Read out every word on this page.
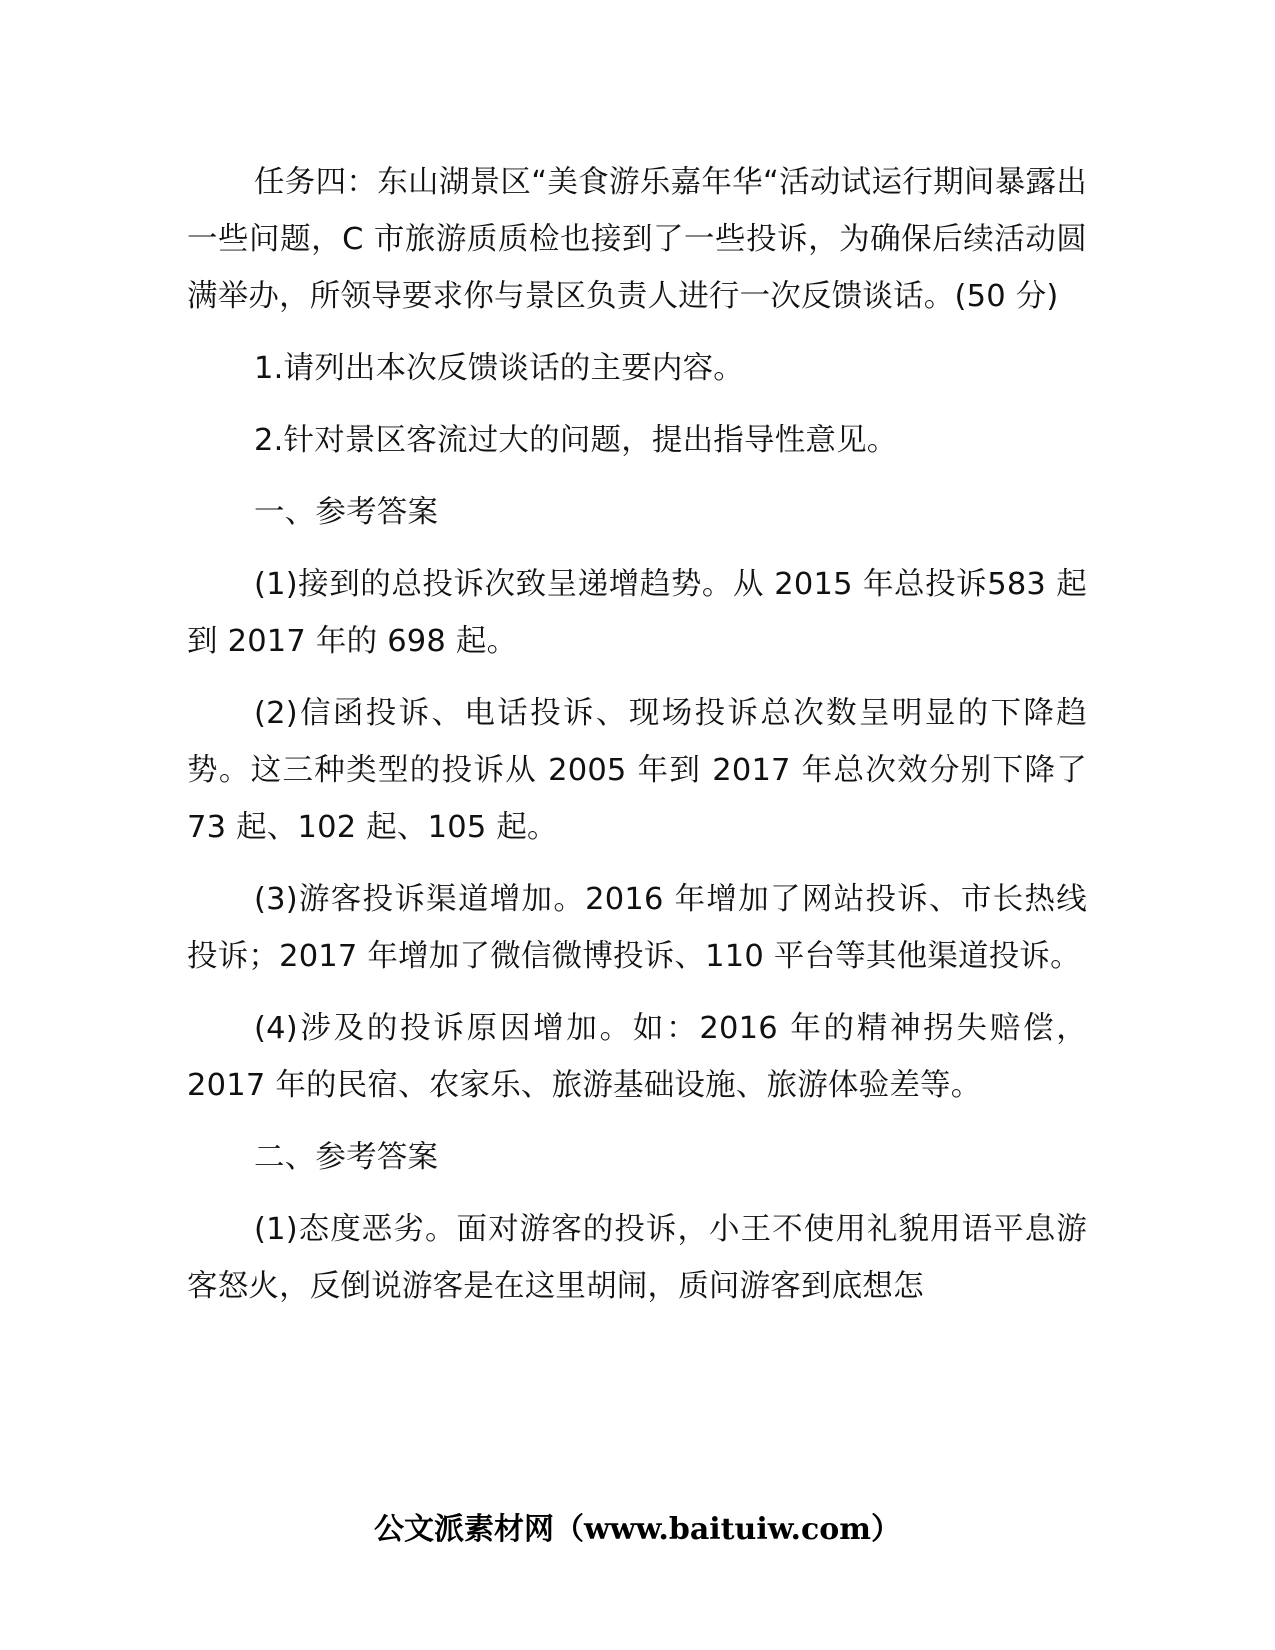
任务四：东山湖景区“美食游乐嘉年华“活动试运行期间暴露出一些问题，C 市旅游质质检也接到了一些投诉，为确保后续活动圆满举办，所领导要求你与景区负责人进行一次反馈谈话。(50 分)

1.请列出本次反馈谈话的主要内容。

2.针对景区客流过大的问题，提出指导性意见。

一、参考答案

(1)接到的总投诉次致呈递增趋势。从 2015 年总投诉583 起到 2017 年的 698 起。

(2)信函投诉、电话投诉、现场投诉总次数呈明显的下降趋势。这三种类型的投诉从 2005 年到 2017 年总次效分别下降了 73 起、102 起、105 起。

(3)游客投诉渠道增加。2016 年增加了网站投诉、市长热线投诉；2017 年增加了微信微博投诉、110 平台等其他渠道投诉。

(4)涉及的投诉原因增加。如：2016 年的精神拐失赔偿，2017 年的民宿、农家乐、旅游基础设施、旅游体验差等。

二、参考答案

(1)态度恶劣。面对游客的投诉，小王不使用礼貌用语平息游客怒火，反倒说游客是在这里胡闹，质问游客到底想怎

公文派素材网（www.baituiw.com）
